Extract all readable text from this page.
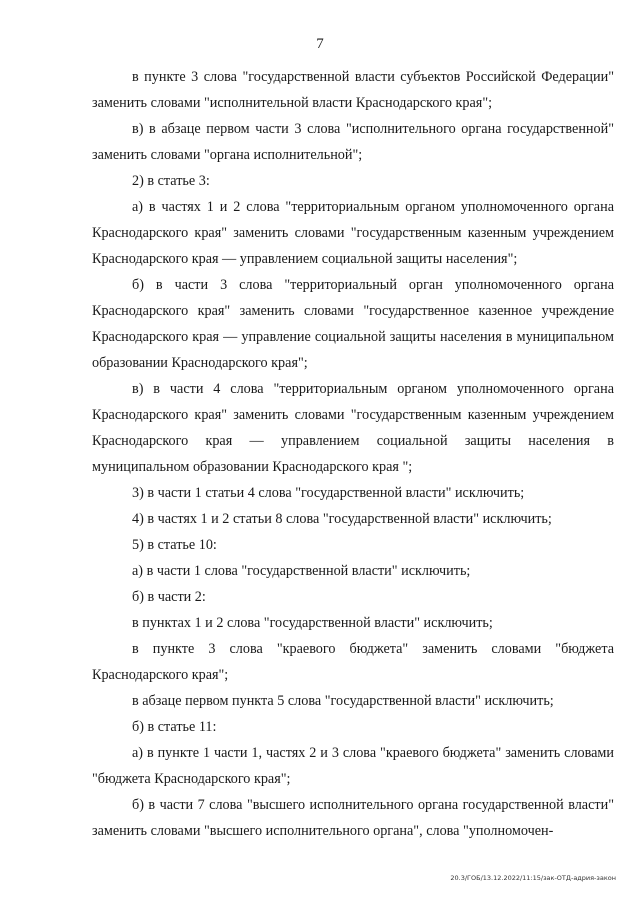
7

в пункте 3 слова "государственной власти субъектов Российской Федерации" заменить словами "исполнительной власти Краснодарского края";

в) в абзаце первом части 3 слова "исполнительного органа государственной" заменить словами "органа исполнительной";

2) в статье 3:

а) в частях 1 и 2 слова "территориальным органом уполномоченного органа Краснодарского края" заменить словами "государственным казенным учреждением Краснодарского края — управлением социальной защиты населения";

б) в части 3 слова "территориальный орган уполномоченного органа Краснодарского края" заменить словами "государственное казенное учреждение Краснодарского края — управление социальной защиты населения в муниципальном образовании Краснодарского края";

в) в части 4 слова "территориальным органом уполномоченного органа Краснодарского края" заменить словами "государственным казенным учреждением Краснодарского края — управлением социальной защиты населения в муниципальном образовании Краснодарского края ";

3) в части 1 статьи 4 слова "государственной власти" исключить;

4) в частях 1 и 2 статьи 8 слова "государственной власти" исключить;

5) в статье 10:

а) в части 1 слова "государственной власти" исключить;

б) в части 2:

в пунктах 1 и 2 слова "государственной власти" исключить;

в пункте 3 слова "краевого бюджета" заменить словами "бюджета Краснодарского края";

в абзаце первом пункта 5 слова "государственной власти" исключить;

б) в статье 11:

а) в пункте 1 части 1, частях 2 и 3 слова "краевого бюджета" заменить словами "бюджета Краснодарского края";

б) в части 7 слова "высшего исполнительного органа государственной власти" заменить словами "высшего исполнительного органа", слова "уполномочен-

20.3/ГОБ/13.12.2022/11:15/зак-ОТД-адрия-закон
